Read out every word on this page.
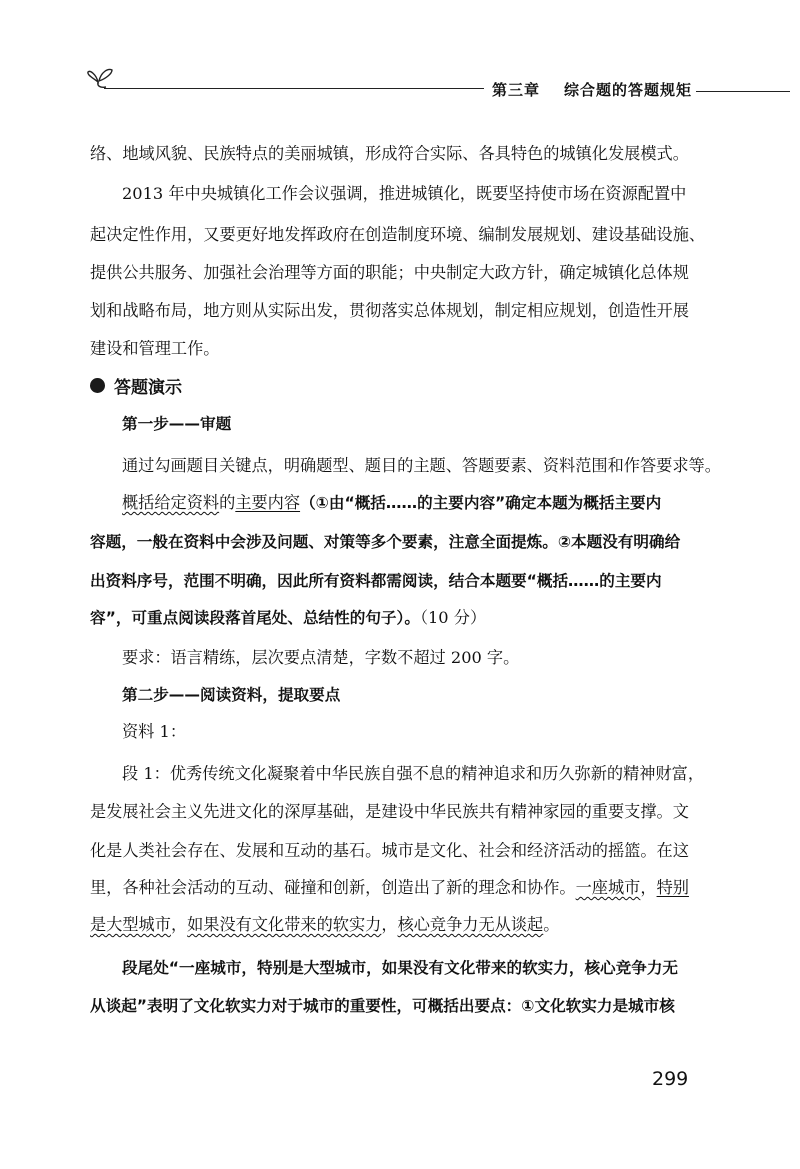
第三章 综合题的答题规矩

络、地域风貌、民族特点的美丽城镇，形成符合实际、各具特色的城镇化发展模式。

2013 年中央城镇化工作会议强调，推进城镇化，既要坚持使市场在资源配置中

起决定性作用，又要更好地发挥政府在创造制度环境、编制发展规划、建设基础设施、

提供公共服务、加强社会治理等方面的职能；中央制定大政方针，确定城镇化总体规

划和战略布局，地方则从实际出发，贯彻落实总体规划，制定相应规划，创造性开展

建设和管理工作。

答题演示

第一步——审题

通过勾画题目关键点，明确题型、题目的主题、答题要素、资料范围和作答要求等。

概括给定资料的主要内容（①由“概括……的主要内容”确定本题为概括主要内

容题，一般在资料中会涉及问题、对策等多个要素，注意全面提炼。②本题没有明确给

出资料序号，范围不明确，因此所有资料都需阅读，结合本题要“概括……的主要内

容”，可重点阅读段落首尾处、总结性的句子）。（10 分）

要求：语言精练，层次要点清楚，字数不超过 200 字。

第二步——阅读资料，提取要点

资料 1：

段 1：优秀传统文化凝聚着中华民族自强不息的精神追求和历久弥新的精神财富，

是发展社会主义先进文化的深厚基础，是建设中华民族共有精神家园的重要支撑。文

化是人类社会存在、发展和互动的基石。城市是文化、社会和经济活动的摇篮。在这

里，各种社会活动的互动、碰撞和创新，创造出了新的理念和协作。一座城市，特别

是大型城市，如果没有文化带来的软实力，核心竞争力无从谈起。

段尾处“一座城市，特别是大型城市，如果没有文化带来的软实力，核心竞争力无

从谈起”表明了文化软实力对于城市的重要性，可概括出要点：①文化软实力是城市核

299
